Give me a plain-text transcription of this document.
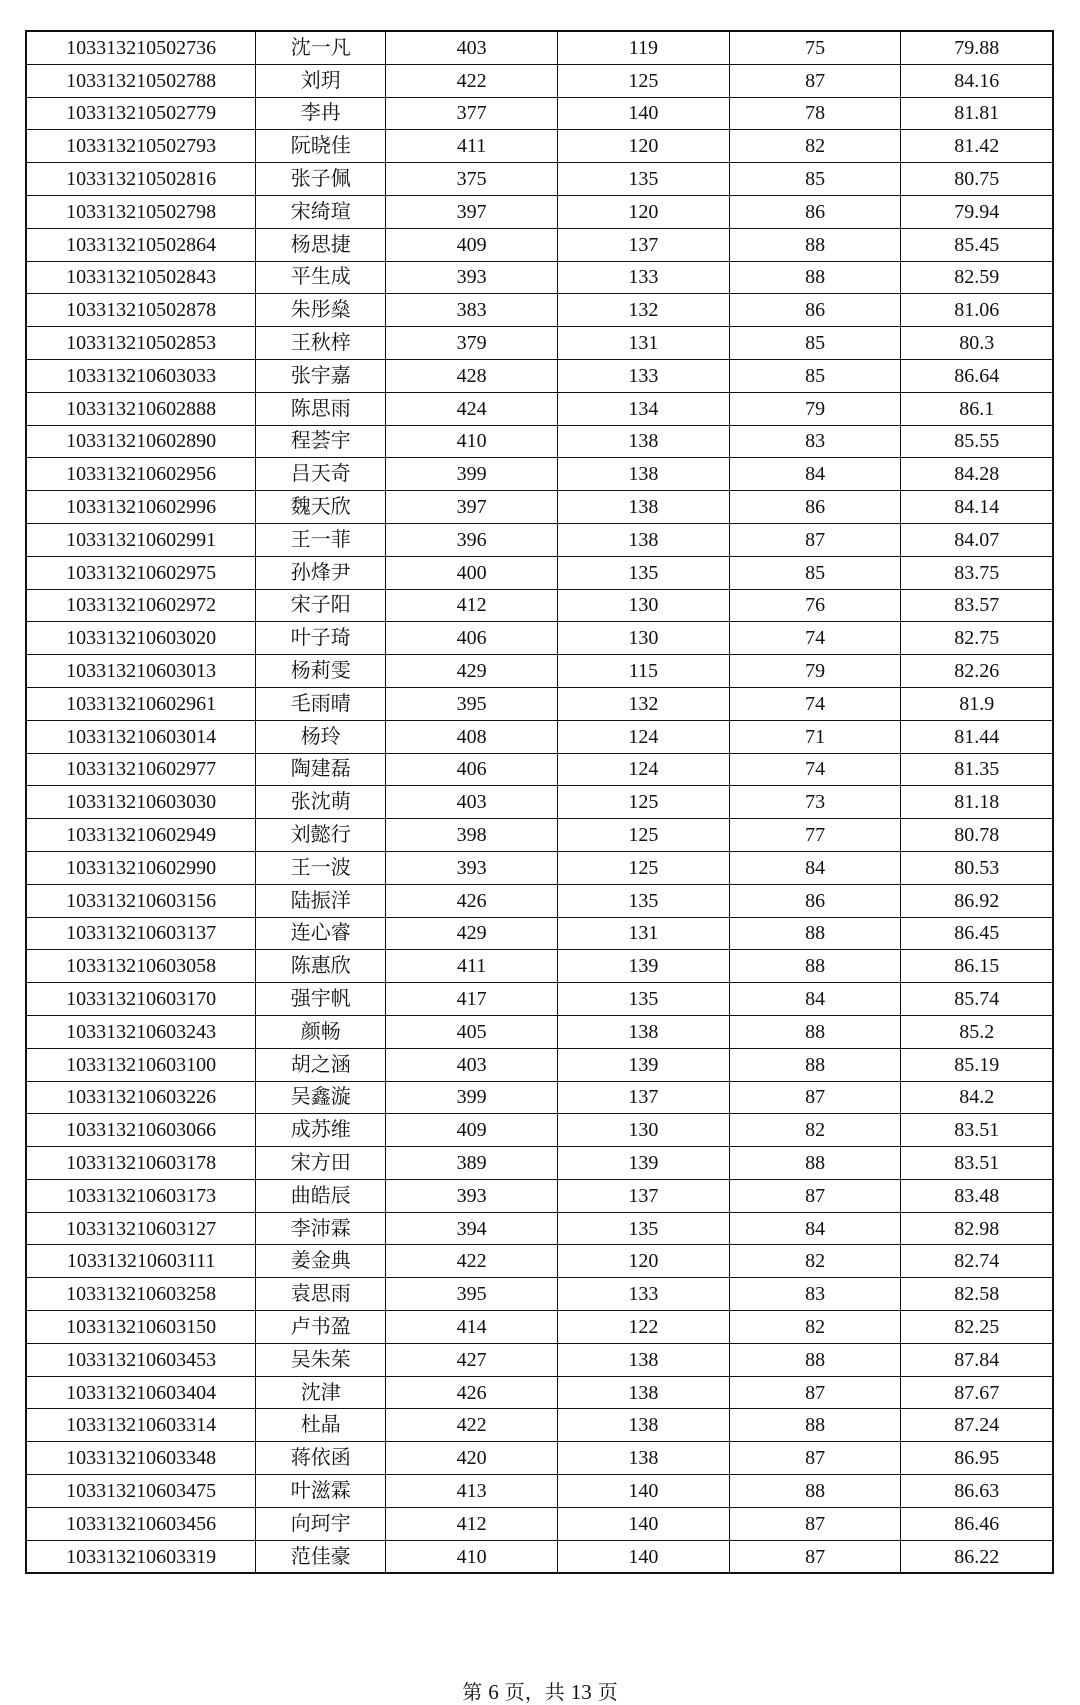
103313210502736	沈一凡	403	119	75	79.88
103313210502788	刘玥	422	125	87	84.16
103313210502779	李冉	377	140	78	81.81
103313210502793	阮晓佳	411	120	82	81.42
103313210502816	张子佩	375	135	85	80.75
103313210502798	宋绮瑄	397	120	86	79.94
103313210502864	杨思捷	409	137	88	85.45
103313210502843	平生成	393	133	88	82.59
103313210502878	朱彤燊	383	132	86	81.06
103313210502853	王秋梓	379	131	85	80.3
103313210603033	张宇嘉	428	133	85	86.64
103313210602888	陈思雨	424	134	79	86.1
103313210602890	程荟宇	410	138	83	85.55
103313210602956	吕天奇	399	138	84	84.28
103313210602996	魏天欣	397	138	86	84.14
103313210602991	王一菲	396	138	87	84.07
103313210602975	孙烽尹	400	135	85	83.75
103313210602972	宋子阳	412	130	76	83.57
103313210603020	叶子琦	406	130	74	82.75
103313210603013	杨莉雯	429	115	79	82.26
103313210602961	毛雨晴	395	132	74	81.9
103313210603014	杨玲	408	124	71	81.44
103313210602977	陶建磊	406	124	74	81.35
103313210603030	张沈萌	403	125	73	81.18
103313210602949	刘懿行	398	125	77	80.78
103313210602990	王一波	393	125	84	80.53
103313210603156	陆振洋	426	135	86	86.92
103313210603137	连心睿	429	131	88	86.45
103313210603058	陈惠欣	411	139	88	86.15
103313210603170	强宇帆	417	135	84	85.74
103313210603243	颜畅	405	138	88	85.2
103313210603100	胡之涵	403	139	88	85.19
103313210603226	吴鑫漩	399	137	87	84.2
103313210603066	成苏维	409	130	82	83.51
103313210603178	宋方田	389	139	88	83.51
103313210603173	曲皓辰	393	137	87	83.48
103313210603127	李沛霖	394	135	84	82.98
103313210603111	姜金典	422	120	82	82.74
103313210603258	袁思雨	395	133	83	82.58
103313210603150	卢书盈	414	122	82	82.25
103313210603453	吴朱茱	427	138	88	87.84
103313210603404	沈津	426	138	87	87.67
103313210603314	杜晶	422	138	88	87.24
103313210603348	蒋依函	420	138	87	86.95
103313210603475	叶滋霖	413	140	88	86.63
103313210603456	向珂宇	412	140	87	86.46
103313210603319	范佳豪	410	140	87	86.22
第 6 页，共 13 页
